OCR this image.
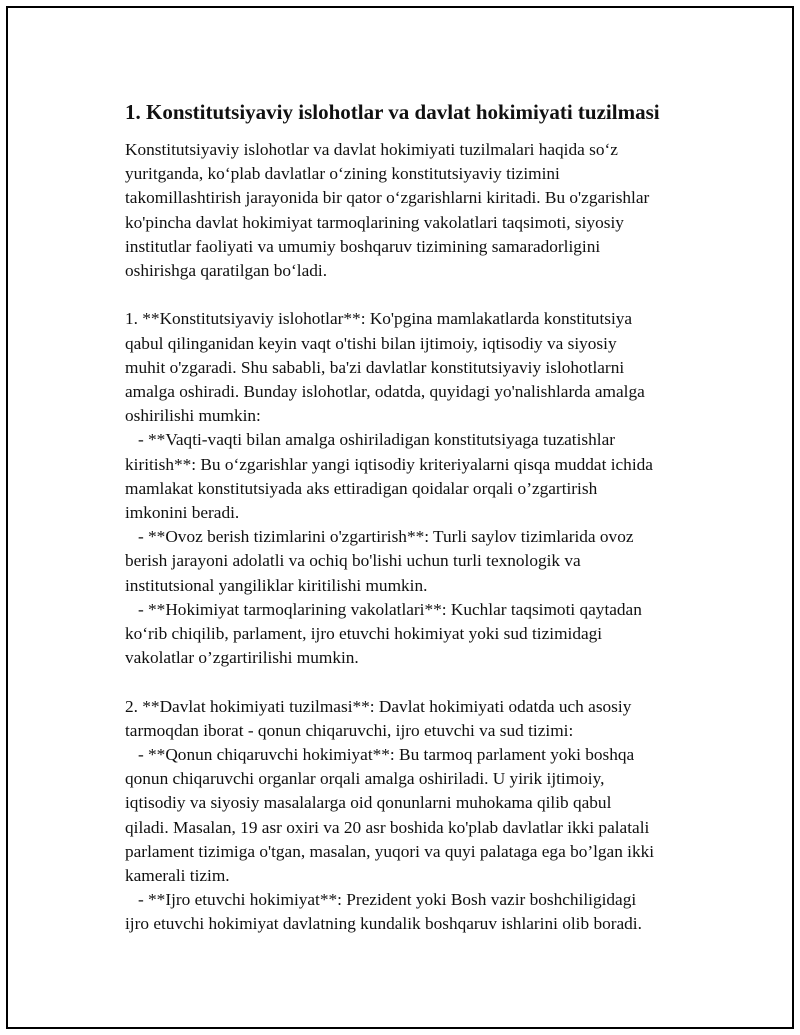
1. Konstitutsiyaviy islohotlar va davlat hokimiyati tuzilmasi

Konstitutsiyaviy islohotlar va davlat hokimiyati tuzilmalari haqida so‘z
yuritganda, ko‘plab davlatlar o‘zining konstitutsiyaviy tizimini
takomillashtirish jarayonida bir qator o‘zgarishlarni kiritadi. Bu o'zgarishlar
ko'pincha davlat hokimiyat tarmoqlarining vakolatlari taqsimoti, siyosiy
institutlar faoliyati va umumiy boshqaruv tizimining samaradorligini
oshirishga qaratilgan bo‘ladi.

1. **Konstitutsiyaviy islohotlar**: Ko'pgina mamlakatlarda konstitutsiya
qabul qilinganidan keyin vaqt o'tishi bilan ijtimoiy, iqtisodiy va siyosiy
muhit o'zgaradi. Shu sababli, ba'zi davlatlar konstitutsiyaviy islohotlarni
amalga oshiradi. Bunday islohotlar, odatda, quyidagi yo'nalishlarda amalga
oshirilishi mumkin:
- **Vaqti-vaqti bilan amalga oshiriladigan konstitutsiyaga tuzatishlar
kiritish**: Bu o‘zgarishlar yangi iqtisodiy kriteriyalarni qisqa muddat ichida
mamlakat konstitutsiyada aks ettiradigan qoidalar orqali o’zgartirish
imkonini beradi.
- **Ovoz berish tizimlarini o'zgartirish**: Turli saylov tizimlarida ovoz
berish jarayoni adolatli va ochiq bo'lishi uchun turli texnologik va
institutsional yangiliklar kiritilishi mumkin.
- **Hokimiyat tarmoqlarining vakolatlari**: Kuchlar taqsimoti qaytadan
ko‘rib chiqilib, parlament, ijro etuvchi hokimiyat yoki sud tizimidagi
vakolatlar o’zgartirilishi mumkin.

2. **Davlat hokimiyati tuzilmasi**: Davlat hokimiyati odatda uch asosiy
tarmoqdan iborat - qonun chiqaruvchi, ijro etuvchi va sud tizimi:
- **Qonun chiqaruvchi hokimiyat**: Bu tarmoq parlament yoki boshqa
qonun chiqaruvchi organlar orqali amalga oshiriladi. U yirik ijtimoiy,
iqtisodiy va siyosiy masalalarga oid qonunlarni muhokama qilib qabul
qiladi. Masalan, 19 asr oxiri va 20 asr boshida ko'plab davlatlar ikki palatali
parlament tizimiga o'tgan, masalan, yuqori va quyi palataga ega bo’lgan ikki
kamerali tizim.
- **Ijro etuvchi hokimiyat**: Prezident yoki Bosh vazir boshchiligidagi
ijro etuvchi hokimiyat davlatning kundalik boshqaruv ishlarini olib boradi.
